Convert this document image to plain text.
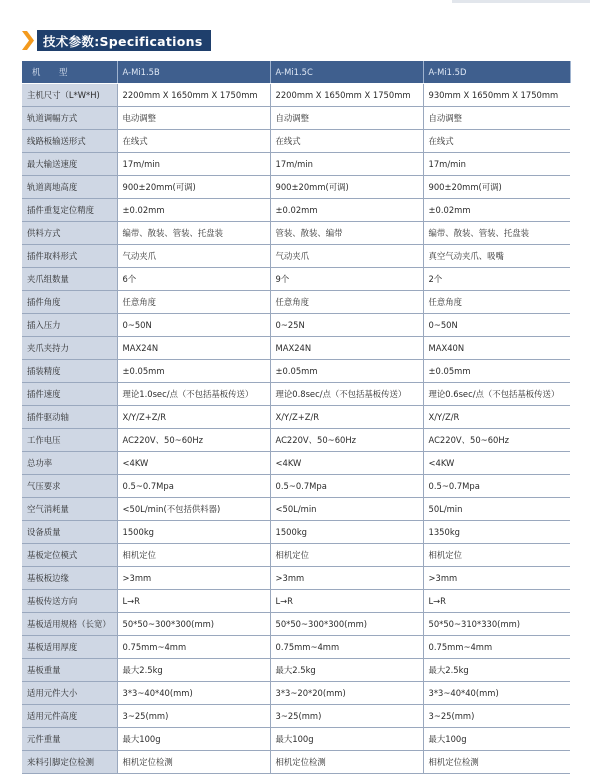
技术参数:Specifications
机 型	A-Mi1.5B	A-Mi1.5C	A-Mi1.5D
主机尺寸（L*W*H)	2200mm X 1650mm X 1750mm	2200mm X 1650mm X 1750mm	930mm X 1650mm X 1750mm
轨道调幅方式	电动调整	自动调整	自动调整
线路板输送形式	在线式	在线式	在线式
最大输送速度	17m/min	17m/min	17m/min
轨道离地高度	900±20mm(可调)	900±20mm(可调)	900±20mm(可调)
插件重复定位精度	±0.02mm	±0.02mm	±0.02mm
供料方式	编带、散装、管装、托盘装	管装、散装、编带	编带、散装、管装、托盘装
插件取料形式	气动夹爪	气动夹爪	真空气动夹爪、吸嘴
夹爪组数量	6个	9个	2个
插件角度	任意角度	任意角度	任意角度
插入压力	0~50N	0~25N	0~50N
夹爪夹持力	MAX24N	MAX24N	MAX40N
插装精度	±0.05mm	±0.05mm	±0.05mm
插件速度	理论1.0sec/点（不包括基板传送）	理论0.8sec/点（不包括基板传送）	理论0.6sec/点（不包括基板传送）
插件驱动轴	X/Y/Z+Z/R	X/Y/Z+Z/R	X/Y/Z/R
工作电压	AC220V、50~60Hz	AC220V、50~60Hz	AC220V、50~60Hz
总功率	<4KW	<4KW	<4KW
气压要求	0.5~0.7Mpa	0.5~0.7Mpa	0.5~0.7Mpa
空气消耗量	<50L/min(不包括供料器)	<50L/min	50L/min
设备质量	1500kg	1500kg	1350kg
基板定位模式	相机定位	相机定位	相机定位
基板板边缘	>3mm	>3mm	>3mm
基板传送方向	L→R	L→R	L→R
基板适用规格（长宽）	50*50~300*300(mm)	50*50~300*300(mm)	50*50~310*330(mm)
基板适用厚度	0.75mm~4mm	0.75mm~4mm	0.75mm~4mm
基板重量	最大2.5kg	最大2.5kg	最大2.5kg
适用元件大小	3*3~40*40(mm)	3*3~20*20(mm)	3*3~40*40(mm)
适用元件高度	3~25(mm)	3~25(mm)	3~25(mm)
元件重量	最大100g	最大100g	最大100g
来料引脚定位检测	相机定位检测	相机定位检测	相机定位检测
